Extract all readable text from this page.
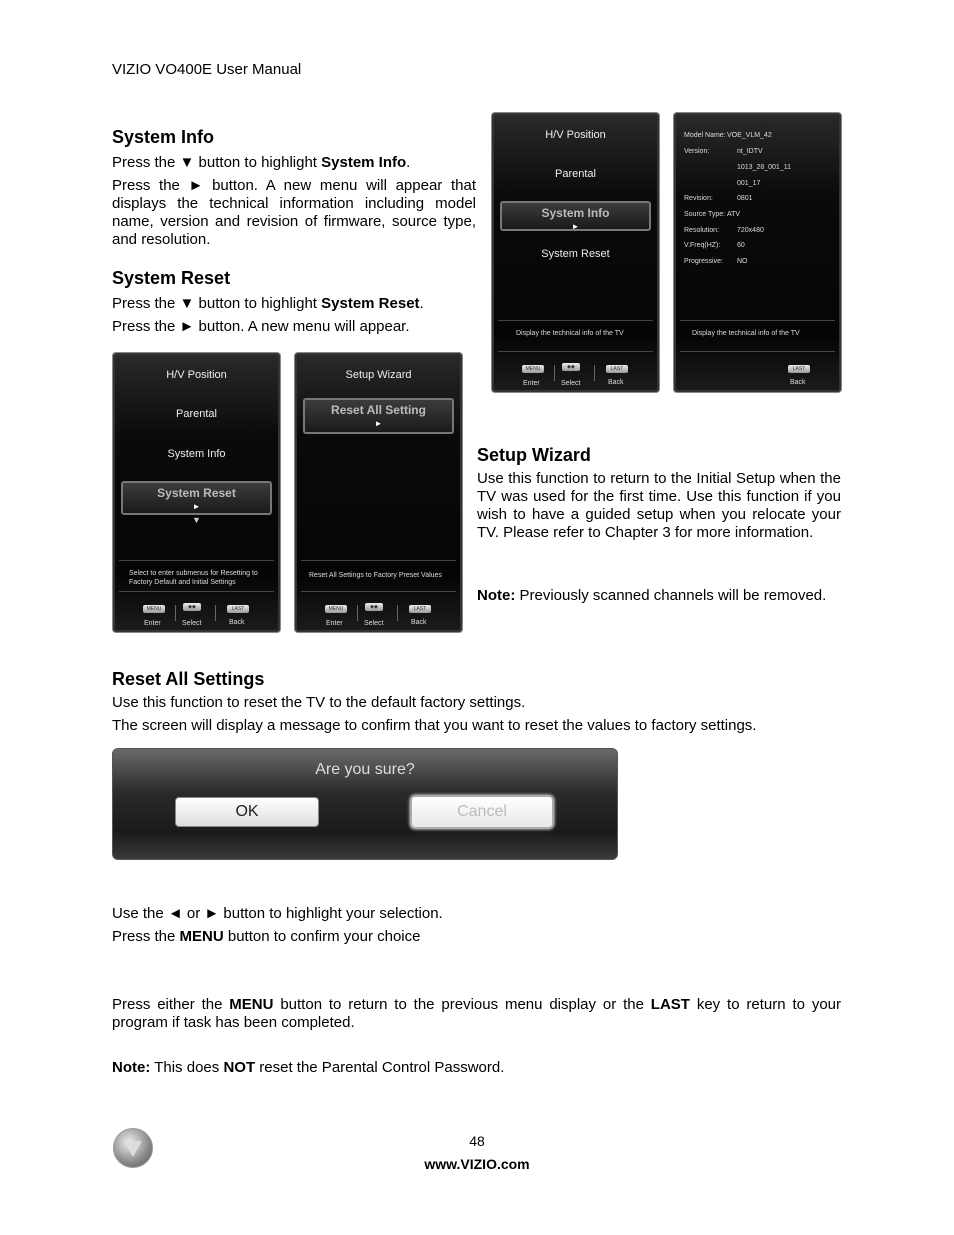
VIZIO VO400E User Manual
System Info

Press the ▼ button to highlight System Info.

Press the ► button. A new menu will appear that displays the technical information including model name, version and revision of firmware, source type, and resolution.

System Reset

Press the ▼ button to highlight System Reset.

Press the ► button. A new menu will appear.

H/V Position
Parental
System Info
►
System Reset
Display the technical info of the TV
MENU
Enter
◆◆
Select
LAST
Back
Model Name: VOE_VLM_42
Version:	nt_IDTV
1013_28_001_11
001_17
Revision:	0801
Source Type: ATV
Resolution:	720x480
V.Freq(HZ): 60
Progressive: NO
Display the technical info of the TV
LAST
Back
H/V Position
Parental
System Info
System Reset
►
▼
Select to enter submenus for Resetting to Factory Default and Initial Settings
MENU
Enter
◆◆
Select
LAST
Back
Setup Wizard
Reset All Setting
►
Reset All Settings to Factory Preset Values
MENU
Enter
◆◆
Select
LAST
Back
Setup Wizard

Use this function to return to the Initial Setup when the TV was used for the first time. Use this function if you wish to have a guided setup when you relocate your TV. Please refer to Chapter 3 for more information.

Note: Previously scanned channels will be removed.

Reset All Settings

Use this function to reset the TV to the default factory settings.

The screen will display a message to confirm that you want to reset the values to factory settings.

Are you sure?
OK	Cancel

Use the ◄ or ► button to highlight your selection.

Press the MENU button to confirm your choice

Press either the MENU button to return to the previous menu display or the LAST key to return to your program if task has been completed.

Note: This does NOT reset the Parental Control Password.

48
www.VIZIO.com
